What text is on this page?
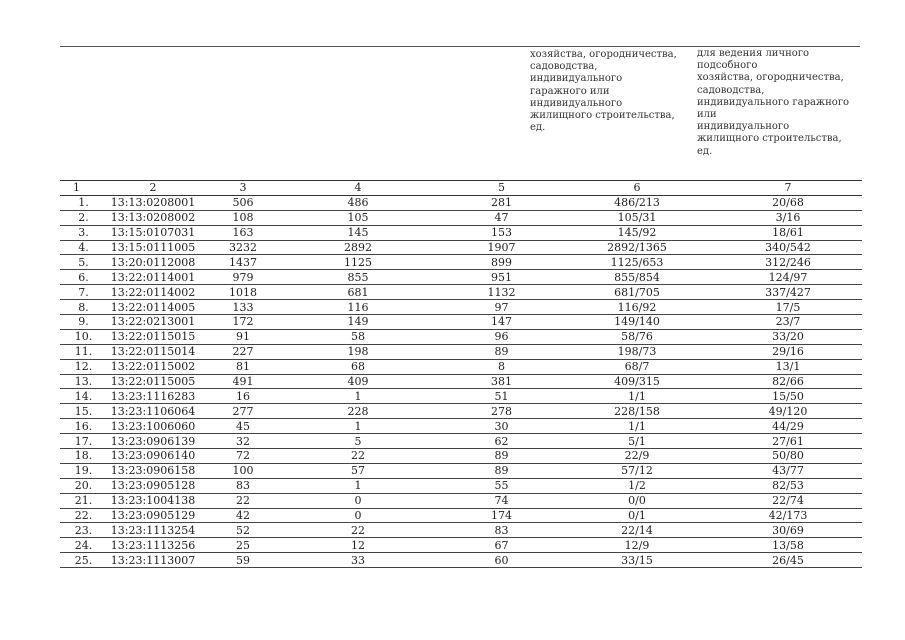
хозяйства, огородничества,
садоводства,
индивидуального
гаражного или
индивидуального
жилищного строительства,
ед.
для ведения личного
подсобного
хозяйства, огородничества,
садоводства,
индивидуального гаражного
или
индивидуального
жилищного строительства,
ед.
1	2	3	4	5	6	7
1.	13:13:0208001	506	486	281	486/213	20/68
2.	13:13:0208002	108	105	47	105/31	3/16
3.	13:15:0107031	163	145	153	145/92	18/61
4.	13:15:0111005	3232	2892	1907	2892/1365	340/542
5.	13:20:0112008	1437	1125	899	1125/653	312/246
6.	13:22:0114001	979	855	951	855/854	124/97
7.	13:22:0114002	1018	681	1132	681/705	337/427
8.	13:22:0114005	133	116	97	116/92	17/5
9.	13:22:0213001	172	149	147	149/140	23/7
10.	13:22:0115015	91	58	96	58/76	33/20
11.	13:22:0115014	227	198	89	198/73	29/16
12.	13:22:0115002	81	68	8	68/7	13/1
13.	13:22:0115005	491	409	381	409/315	82/66
14.	13:23:1116283	16	1	51	1/1	15/50
15.	13:23:1106064	277	228	278	228/158	49/120
16.	13:23:1006060	45	1	30	1/1	44/29
17.	13:23:0906139	32	5	62	5/1	27/61
18.	13:23:0906140	72	22	89	22/9	50/80
19.	13:23:0906158	100	57	89	57/12	43/77
20.	13:23:0905128	83	1	55	1/2	82/53
21.	13:23:1004138	22	0	74	0/0	22/74
22.	13:23:0905129	42	0	174	0/1	42/173
23.	13:23:1113254	52	22	83	22/14	30/69
24.	13:23:1113256	25	12	67	12/9	13/58
25.	13:23:1113007	59	33	60	33/15	26/45
